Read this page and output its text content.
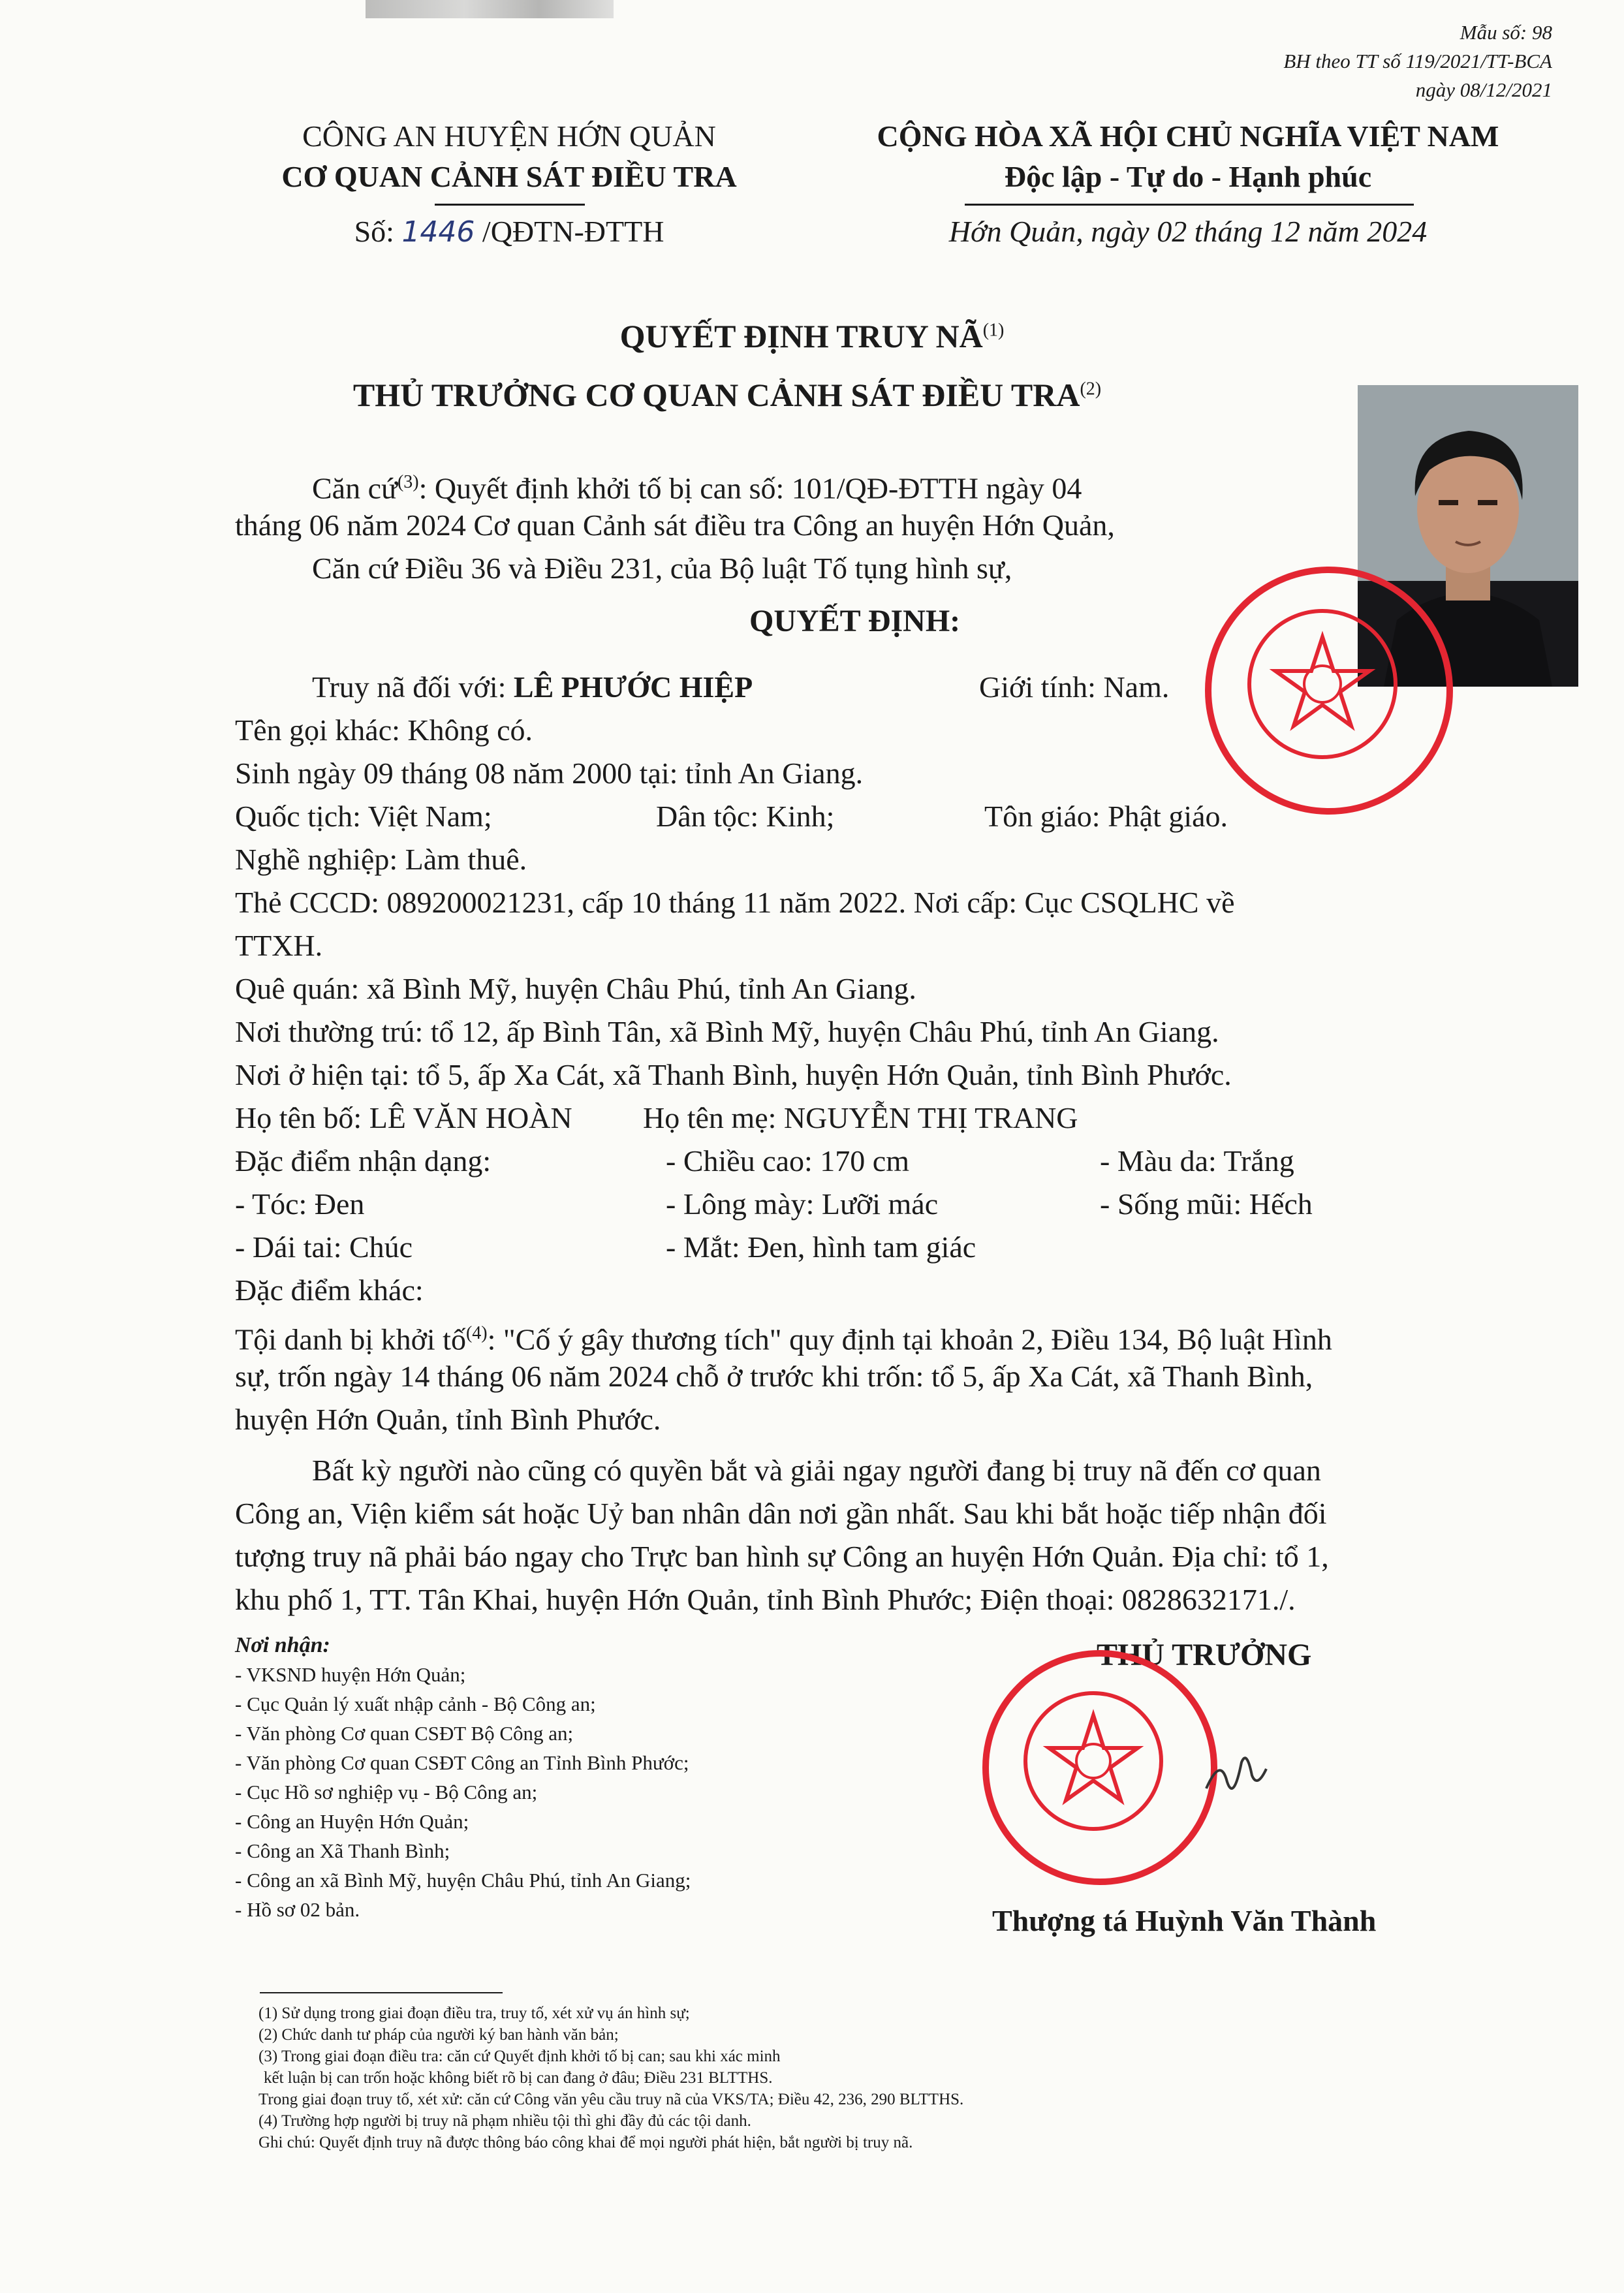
Mẫu số: 98
BH theo TT số 119/2021/TT-BCA
ngày 08/12/2021
CÔNG AN HUYỆN HỚN QUẢN
CƠ QUAN CẢNH SÁT ĐIỀU TRA
Số: 1446 /QĐTN-ĐTTH
CỘNG HÒA XÃ HỘI CHỦ NGHĨA VIỆT NAM
Độc lập - Tự do - Hạnh phúc
Hớn Quản, ngày 02 tháng 12 năm 2024
QUYẾT ĐỊNH TRUY NÃ$^{(1)}$
THỦ TRƯỞNG CƠ QUAN CẢNH SÁT ĐIỀU TRA$^{(2)}$
Căn cứ$^{(3)}$: Quyết định khởi tố bị can số: 101/QĐ-ĐTTH ngày 04
tháng 06 năm 2024 Cơ quan Cảnh sát điều tra Công an huyện Hớn Quản,
Căn cứ Điều 36 và Điều 231, của Bộ luật Tố tụng hình sự,
QUYẾT ĐỊNH:
Truy nã đối với: LÊ PHƯỚC HIỆP	Giới tính: Nam.
Tên gọi khác: Không có.
Sinh ngày 09 tháng 08 năm 2000 tại: tỉnh An Giang.
Quốc tịch: Việt Nam;	Dân tộc: Kinh;	Tôn giáo: Phật giáo.
Nghề nghiệp: Làm thuê.
Thẻ CCCD: 089200021231, cấp 10 tháng 11 năm 2022. Nơi cấp: Cục CSQLHC về
TTXH.
Quê quán: xã Bình Mỹ, huyện Châu Phú, tỉnh An Giang.
Nơi thường trú: tổ 12, ấp Bình Tân, xã Bình Mỹ, huyện Châu Phú, tỉnh An Giang.
Nơi ở hiện tại: tổ 5, ấp Xa Cát, xã Thanh Bình, huyện Hớn Quản, tỉnh Bình Phước.
Họ tên bố: LÊ VĂN HOÀN Họ tên mẹ: NGUYỄN THỊ TRANG
Đặc điểm nhận dạng:	- Chiều cao: 170 cm	- Màu da: Trắng
- Tóc: Đen	- Lông mày: Lưỡi mác	- Sống mũi: Hếch
- Dái tai: Chúc	- Mắt: Đen, hình tam giác
Đặc điểm khác:
Tội danh bị khởi tố$^{(4)}$: "Cố ý gây thương tích" quy định tại khoản 2, Điều 134, Bộ luật Hình
sự, trốn ngày 14 tháng 06 năm 2024 chỗ ở trước khi trốn: tổ 5, ấp Xa Cát, xã Thanh Bình,
huyện Hớn Quản, tỉnh Bình Phước.
Bất kỳ người nào cũng có quyền bắt và giải ngay người đang bị truy nã đến cơ quan
Công an, Viện kiểm sát hoặc Uỷ ban nhân dân nơi gần nhất. Sau khi bắt hoặc tiếp nhận đối
tượng truy nã phải báo ngay cho Trực ban hình sự Công an huyện Hớn Quản. Địa chỉ: tổ 1,
khu phố 1, TT. Tân Khai, huyện Hớn Quản, tỉnh Bình Phước; Điện thoại: 0828632171./.
Nơi nhận:
- VKSND huyện Hớn Quản;
- Cục Quản lý xuất nhập cảnh - Bộ Công an;
- Văn phòng Cơ quan CSĐT Bộ Công an;
- Văn phòng Cơ quan CSĐT Công an Tỉnh Bình Phước;
- Cục Hồ sơ nghiệp vụ - Bộ Công an;
- Công an Huyện Hớn Quản;
- Công an Xã Thanh Bình;
- Công an xã Bình Mỹ, huyện Châu Phú, tỉnh An Giang;
- Hồ sơ 02 bản.
THỦ TRƯỞNG
Thượng tá Huỳnh Văn Thành
(1) Sử dụng trong giai đoạn điều tra, truy tố, xét xử vụ án hình sự;
(2) Chức danh tư pháp của người ký ban hành văn bản;
(3) Trong giai đoạn điều tra: căn cứ Quyết định khởi tố bị can; sau khi xác minh
kết luận bị can trốn hoặc không biết rõ bị can đang ở đâu; Điều 231 BLTTHS.
Trong giai đoạn truy tố, xét xử: căn cứ Công văn yêu cầu truy nã của VKS/TA; Điều 42, 236, 290 BLTTHS.
(4) Trường hợp người bị truy nã phạm nhiều tội thì ghi đầy đủ các tội danh.
Ghi chú: Quyết định truy nã được thông báo công khai để mọi người phát hiện, bắt người bị truy nã.
